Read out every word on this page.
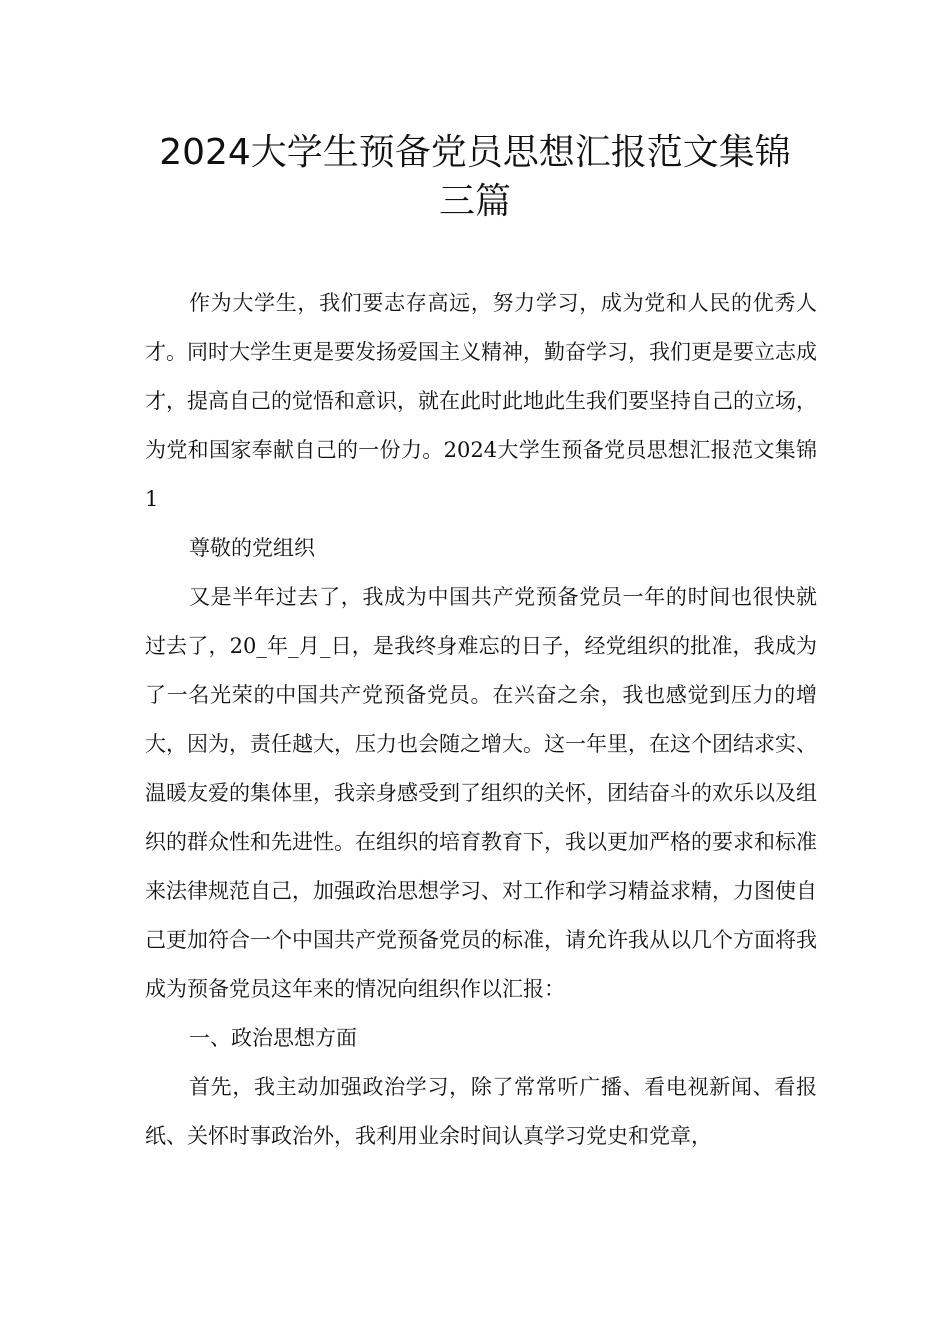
2024大学生预备党员思想汇报范文集锦
三篇

作为大学生，我们要志存高远，努力学习，成为党和人民的优秀人才。同时大学生更是要发扬爱国主义精神，勤奋学习，我们更是要立志成才，提高自己的觉悟和意识，就在此时此地此生我们要坚持自己的立场，为党和国家奉献自己的一份力。2024大学生预备党员思想汇报范文集锦1

尊敬的党组织

又是半年过去了，我成为中国共产党预备党员一年的时间也很快就过去了，20_年_月_日，是我终身难忘的日子，经党组织的批准，我成为了一名光荣的中国共产党预备党员。在兴奋之余，我也感觉到压力的增大，因为，责任越大，压力也会随之增大。这一年里，在这个团结求实、温暖友爱的集体里，我亲身感受到了组织的关怀，团结奋斗的欢乐以及组织的群众性和先进性。在组织的培育教育下，我以更加严格的要求和标准来法律规范自己，加强政治思想学习、对工作和学习精益求精，力图使自己更加符合一个中国共产党预备党员的标准，请允许我从以几个方面将我成为预备党员这年来的情况向组织作以汇报：

一、政治思想方面

首先，我主动加强政治学习，除了常常听广播、看电视新闻、看报纸、关怀时事政治外，我利用业余时间认真学习党史和党章，
